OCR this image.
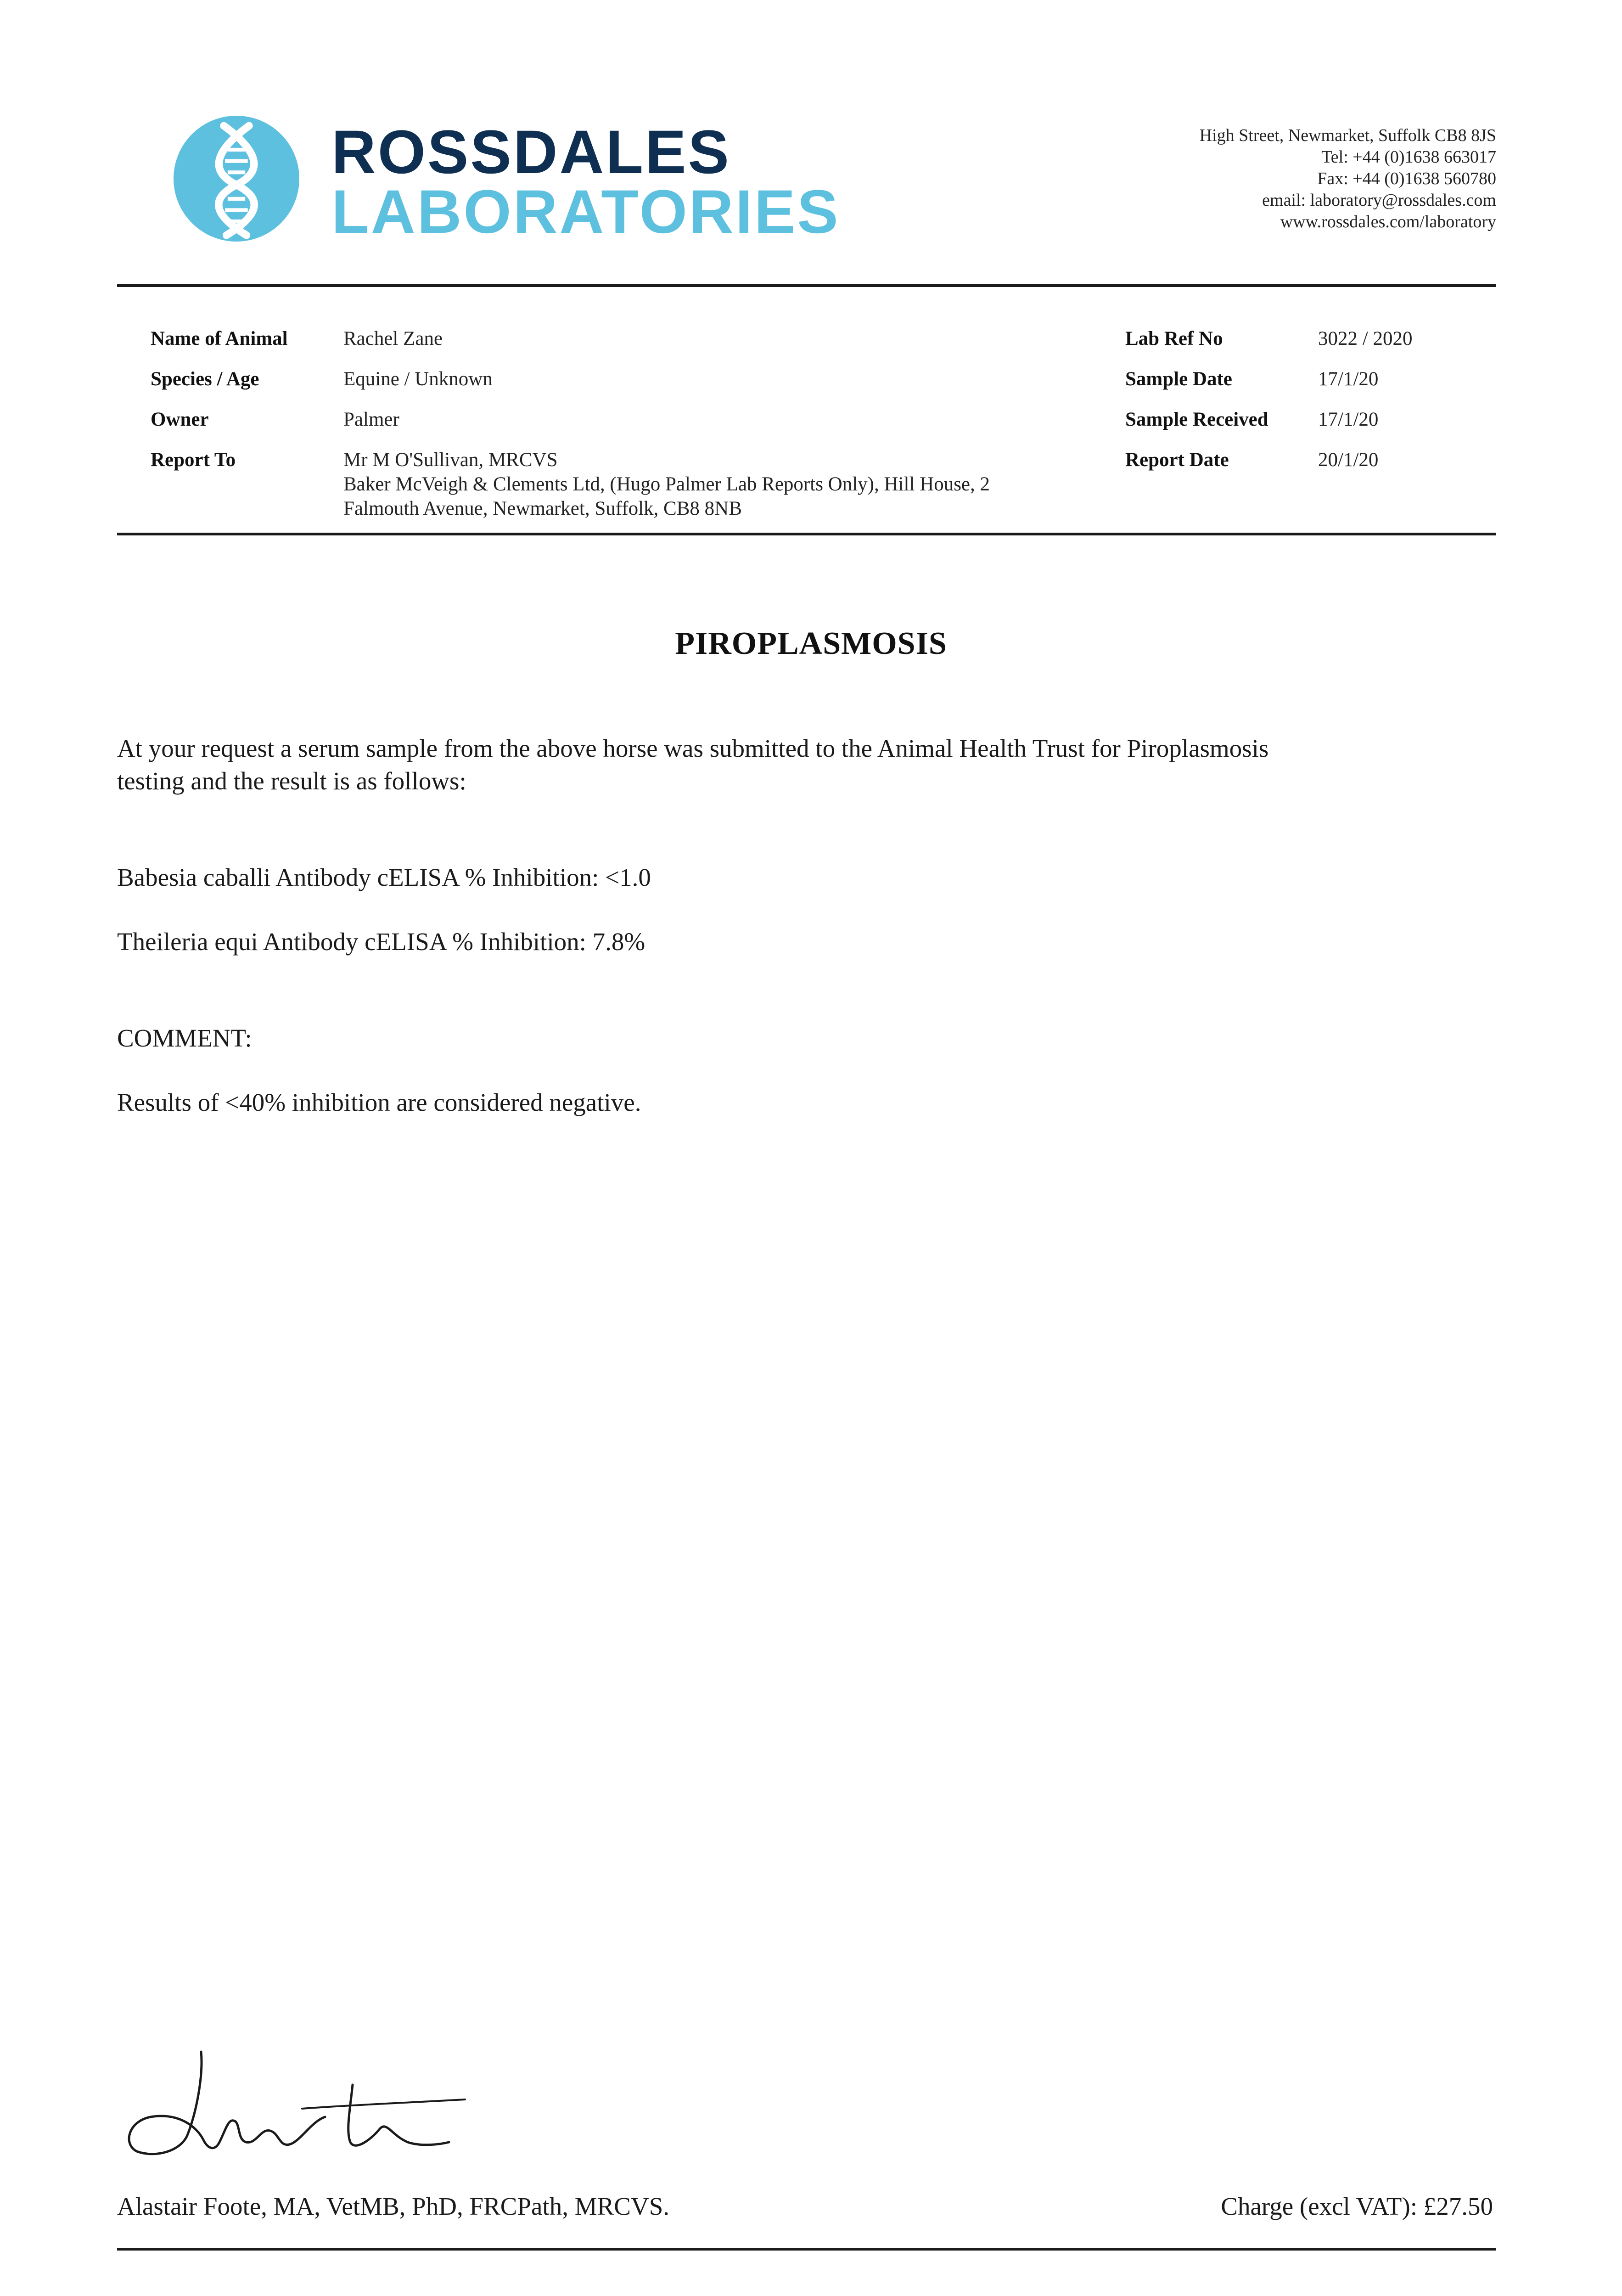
ROSSDALES
LABORATORIES
High Street, Newmarket, Suffolk CB8 8JS
Tel: +44 (0)1638 663017
Fax: +44 (0)1638 560780
email: laboratory@rossdales.com
www.rossdales.com/laboratory
Name of Animal	Rachel Zane
Species / Age	Equine / Unknown
Owner	Palmer
Report To	Mr M O'Sullivan, MRCVS
Baker McVeigh & Clements Ltd, (Hugo Palmer Lab Reports Only), Hill House, 2
Falmouth Avenue, Newmarket, Suffolk, CB8 8NB
Lab Ref No	3022 / 2020
Sample Date	17/1/20
Sample Received	17/1/20
Report Date	20/1/20
PIROPLASMOSIS
At your request a serum sample from the above horse was submitted to the Animal Health Trust for Piroplasmosis
testing and the result is as follows:
Babesia caballi Antibody cELISA % Inhibition: <1.0
Theileria equi Antibody cELISA % Inhibition: 7.8%
COMMENT:
Results of <40% inhibition are considered negative.
Alastair Foote, MA, VetMB, PhD, FRCPath, MRCVS.	Charge (excl VAT): £27.50
